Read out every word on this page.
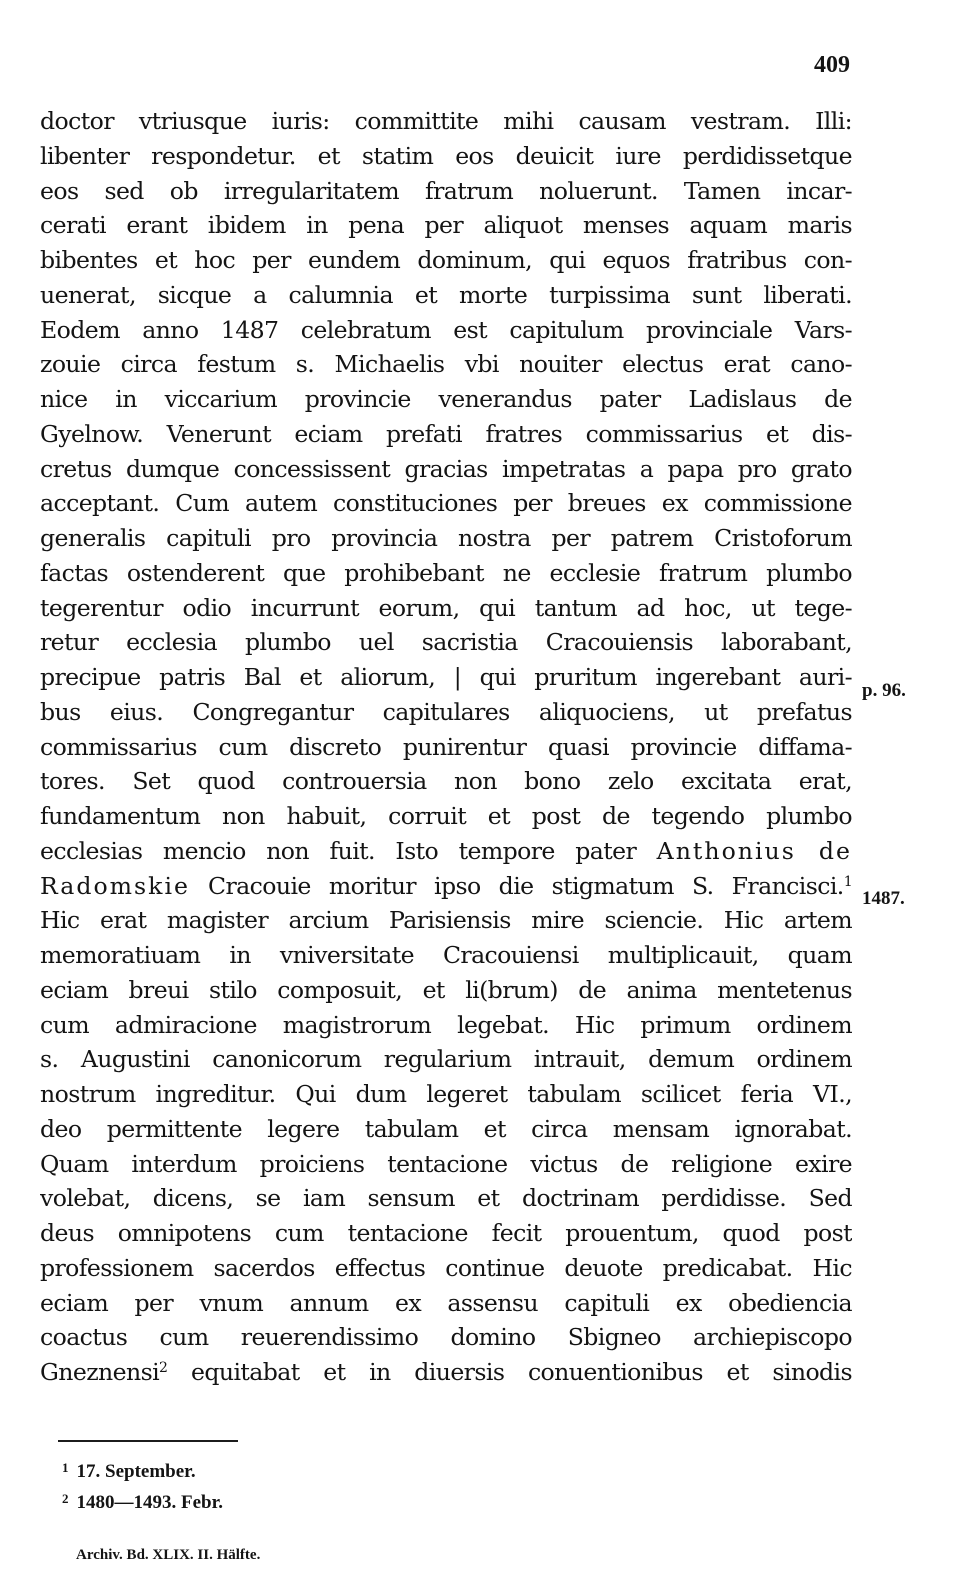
409
doctor vtriusque iuris: committite mihi causam vestram. Illi:
libenter respondetur. et statim eos deuicit iure perdidissetque
eos sed ob irregularitatem fratrum noluerunt. Tamen incar-
cerati erant ibidem in pena per aliquot menses aquam maris
bibentes et hoc per eundem dominum, qui equos fratribus con-
uenerat, sicque a calumnia et morte turpissima sunt liberati.
Eodem anno 1487 celebratum est capitulum provinciale Vars-
zouie circa festum s. Michaelis vbi nouiter electus erat cano-
nice in viccarium provincie venerandus pater Ladislaus de
Gyelnow. Venerunt eciam prefati fratres commissarius et dis-
cretus dumque concessissent gracias impetratas a papa pro grato
acceptant. Cum autem constituciones per breues ex commissione
generalis capituli pro provincia nostra per patrem Cristoforum
factas ostenderent que prohibebant ne ecclesie fratrum plumbo
tegerentur odio incurrunt eorum, qui tantum ad hoc, ut tege-
retur ecclesia plumbo uel sacristia Cracouiensis laborabant,
precipue patris Bal et aliorum, | qui pruritum ingerebant auri-
bus eius. Congregantur capitulares aliquociens, ut prefatus
commissarius cum discreto punirentur quasi provincie diffama-
tores. Set quod controuersia non bono zelo excitata erat,
fundamentum non habuit, corruit et post de tegendo plumbo
ecclesias mencio non fuit. Isto tempore pater Anthonius de
Radomskie Cracouie moritur ipso die stigmatum S. Francisci.$^1$
Hic erat magister arcium Parisiensis mire sciencie. Hic artem
memoratiuam in vniversitate Cracouiensi multiplicauit, quam
eciam breui stilo composuit, et li(brum) de anima mentetenus
cum admiracione magistrorum legebat. Hic primum ordinem
s. Augustini canonicorum regularium intrauit, demum ordinem
nostrum ingreditur. Qui dum legeret tabulam scilicet feria VI.,
deo permittente legere tabulam et circa mensam ignorabat.
Quam interdum proiciens tentacione victus de religione exire
volebat, dicens, se iam sensum et doctrinam perdidisse. Sed
deus omnipotens cum tentacione fecit prouentum, quod post
professionem sacerdos effectus continue deuote predicabat. Hic
eciam per vnum annum ex assensu capituli ex obediencia
coactus cum reuerendissimo domino Sbigneo archiepiscopo
Gneznensi$^2$ equitabat et in diuersis conuentionibus et sinodis
p. 96.
1487.
$^1$ 17. September.
$^2$ 1480—1493. Febr.
Archiv. Bd. XLIX. II. Hälfte.
